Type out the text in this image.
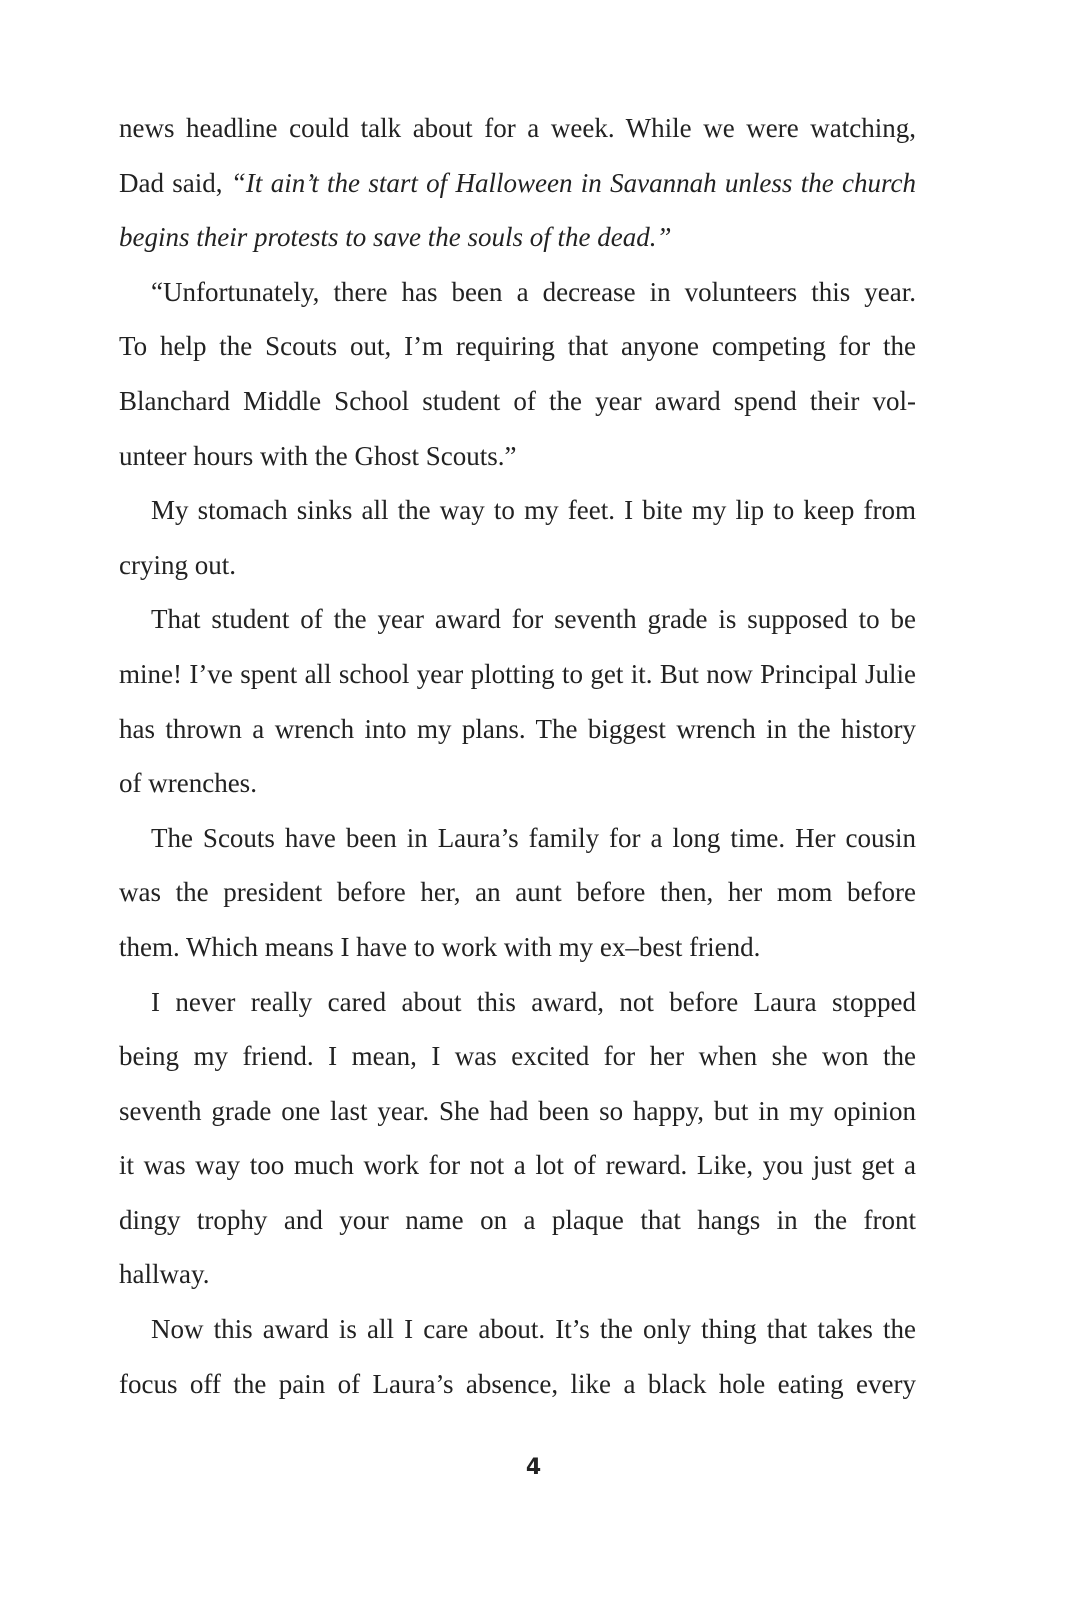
news headline could talk about for a week. While we were watching,
Dad said, “It ain’t the start of Halloween in Savannah unless the church
begins their protests to save the souls of the dead.”
“Unfortunately, there has been a decrease in volunteers this year.
To help the Scouts out, I’m requiring that anyone competing for the
Blanchard Middle School student of the year award spend their vol-
unteer hours with the Ghost Scouts.”
My stomach sinks all the way to my feet. I bite my lip to keep from
crying out.
That student of the year award for seventh grade is supposed to be
mine! I’ve spent all school year plotting to get it. But now Principal Julie
has thrown a wrench into my plans. The biggest wrench in the history
of wrenches.
The Scouts have been in Laura’s family for a long time. Her cousin
was the president before her, an aunt before then, her mom before
them. Which means I have to work with my ex–best friend.
I never really cared about this award, not before Laura stopped
being my friend. I mean, I was excited for her when she won the
seventh grade one last year. She had been so happy, but in my opinion
it was way too much work for not a lot of reward. Like, you just get a
dingy trophy and your name on a plaque that hangs in the front
hallway.
Now this award is all I care about. It’s the only thing that takes the
focus off the pain of Laura’s absence, like a black hole eating every
4
